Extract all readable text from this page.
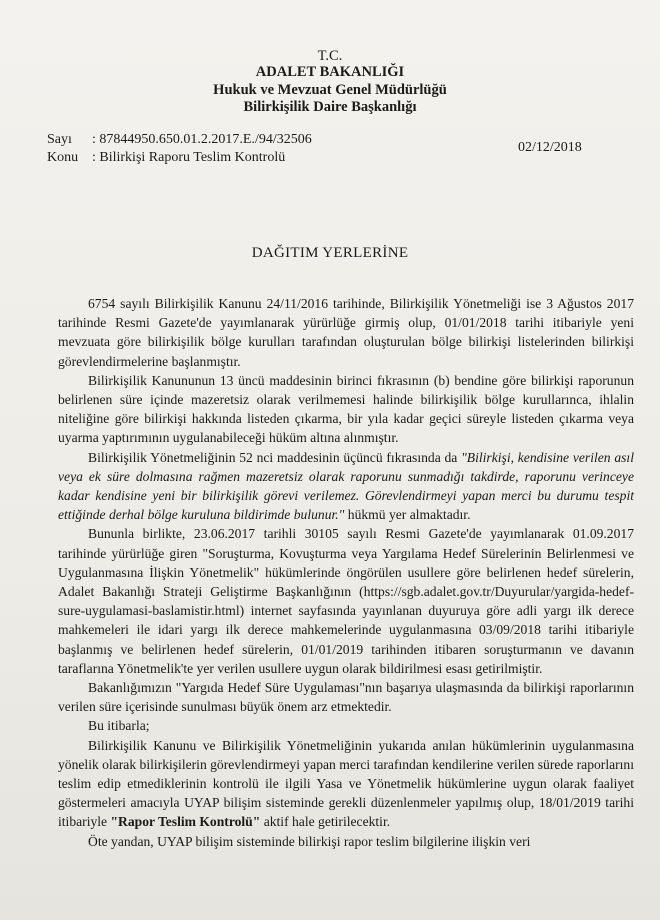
T.C.
ADALET BAKANLIĞI
Hukuk ve Mevzuat Genel Müdürlüğü
Bilirkişilik Daire Başkanlığı
Sayı : 87844950.650.01.2.2017.E./94/32506
Konu : Bilirkişi Raporu Teslim Kontrolü
02/12/2018
DAĞITIM YERLERİNE

6754 sayılı Bilirkişilik Kanunu 24/11/2016 tarihinde, Bilirkişilik Yönetmeliği ise 3 Ağustos 2017 tarihinde Resmi Gazete'de yayımlanarak yürürlüğe girmiş olup, 01/01/2018 tarihi itibariyle yeni mevzuata göre bilirkişilik bölge kurulları tarafından oluşturulan bölge bilirkişi listelerinden bilirkişi görevlendirmelerine başlanmıştır.

Bilirkişilik Kanununun 13 üncü maddesinin birinci fıkrasının (b) bendine göre bilirkişi raporunun belirlenen süre içinde mazeretsiz olarak verilmemesi halinde bilirkişilik bölge kurullarınca, ihlalin niteliğine göre bilirkişi hakkında listeden çıkarma, bir yıla kadar geçici süreyle listeden çıkarma veya uyarma yaptırımının uygulanabileceği hüküm altına alınmıştır.

Bilirkişilik Yönetmeliğinin 52 nci maddesinin üçüncü fıkrasında da "Bilirkişi, kendisine verilen asıl veya ek süre dolmasına rağmen mazeretsiz olarak raporunu sunmadığı takdirde, raporunu verinceye kadar kendisine yeni bir bilirkişilik görevi verilemez. Görevlendirmeyi yapan merci bu durumu tespit ettiğinde derhal bölge kuruluna bildirimde bulunur." hükmü yer almaktadır.

Bununla birlikte, 23.06.2017 tarihli 30105 sayılı Resmi Gazete'de yayımlanarak 01.09.2017 tarihinde yürürlüğe giren "Soruşturma, Kovuşturma veya Yargılama Hedef Sürelerinin Belirlenmesi ve Uygulanmasına İlişkin Yönetmelik" hükümlerinde öngörülen usullere göre belirlenen hedef sürelerin, Adalet Bakanlığı Strateji Geliştirme Başkanlığının (https://sgb.adalet.gov.tr/Duyurular/yargida-hedef-sure-uygulamasi-baslamistir.html) internet sayfasında yayınlanan duyuruya göre adli yargı ilk derece mahkemeleri ile idari yargı ilk derece mahkemelerinde uygulanmasına 03/09/2018 tarihi itibariyle başlanmış ve belirlenen hedef sürelerin, 01/01/2019 tarihinden itibaren soruşturmanın ve davanın taraflarına Yönetmelik'te yer verilen usullere uygun olarak bildirilmesi esası getirilmiştir.

Bakanlığımızın "Yargıda Hedef Süre Uygulaması"nın başarıya ulaşmasında da bilirkişi raporlarının verilen süre içerisinde sunulması büyük önem arz etmektedir.

Bu itibarla;

Bilirkişilik Kanunu ve Bilirkişilik Yönetmeliğinin yukarıda anılan hükümlerinin uygulanmasına yönelik olarak bilirkişilerin görevlendirmeyi yapan merci tarafından kendilerine verilen sürede raporlarını teslim edip etmediklerinin kontrolü ile ilgili Yasa ve Yönetmelik hükümlerine uygun olarak faaliyet göstermeleri amacıyla UYAP bilişim sisteminde gerekli düzenlenmeler yapılmış olup, 18/01/2019 tarihi itibariyle "Rapor Teslim Kontrolü" aktif hale getirilecektir.

Öte yandan, UYAP bilişim sisteminde bilirkişi rapor teslim bilgilerine ilişkin veri
